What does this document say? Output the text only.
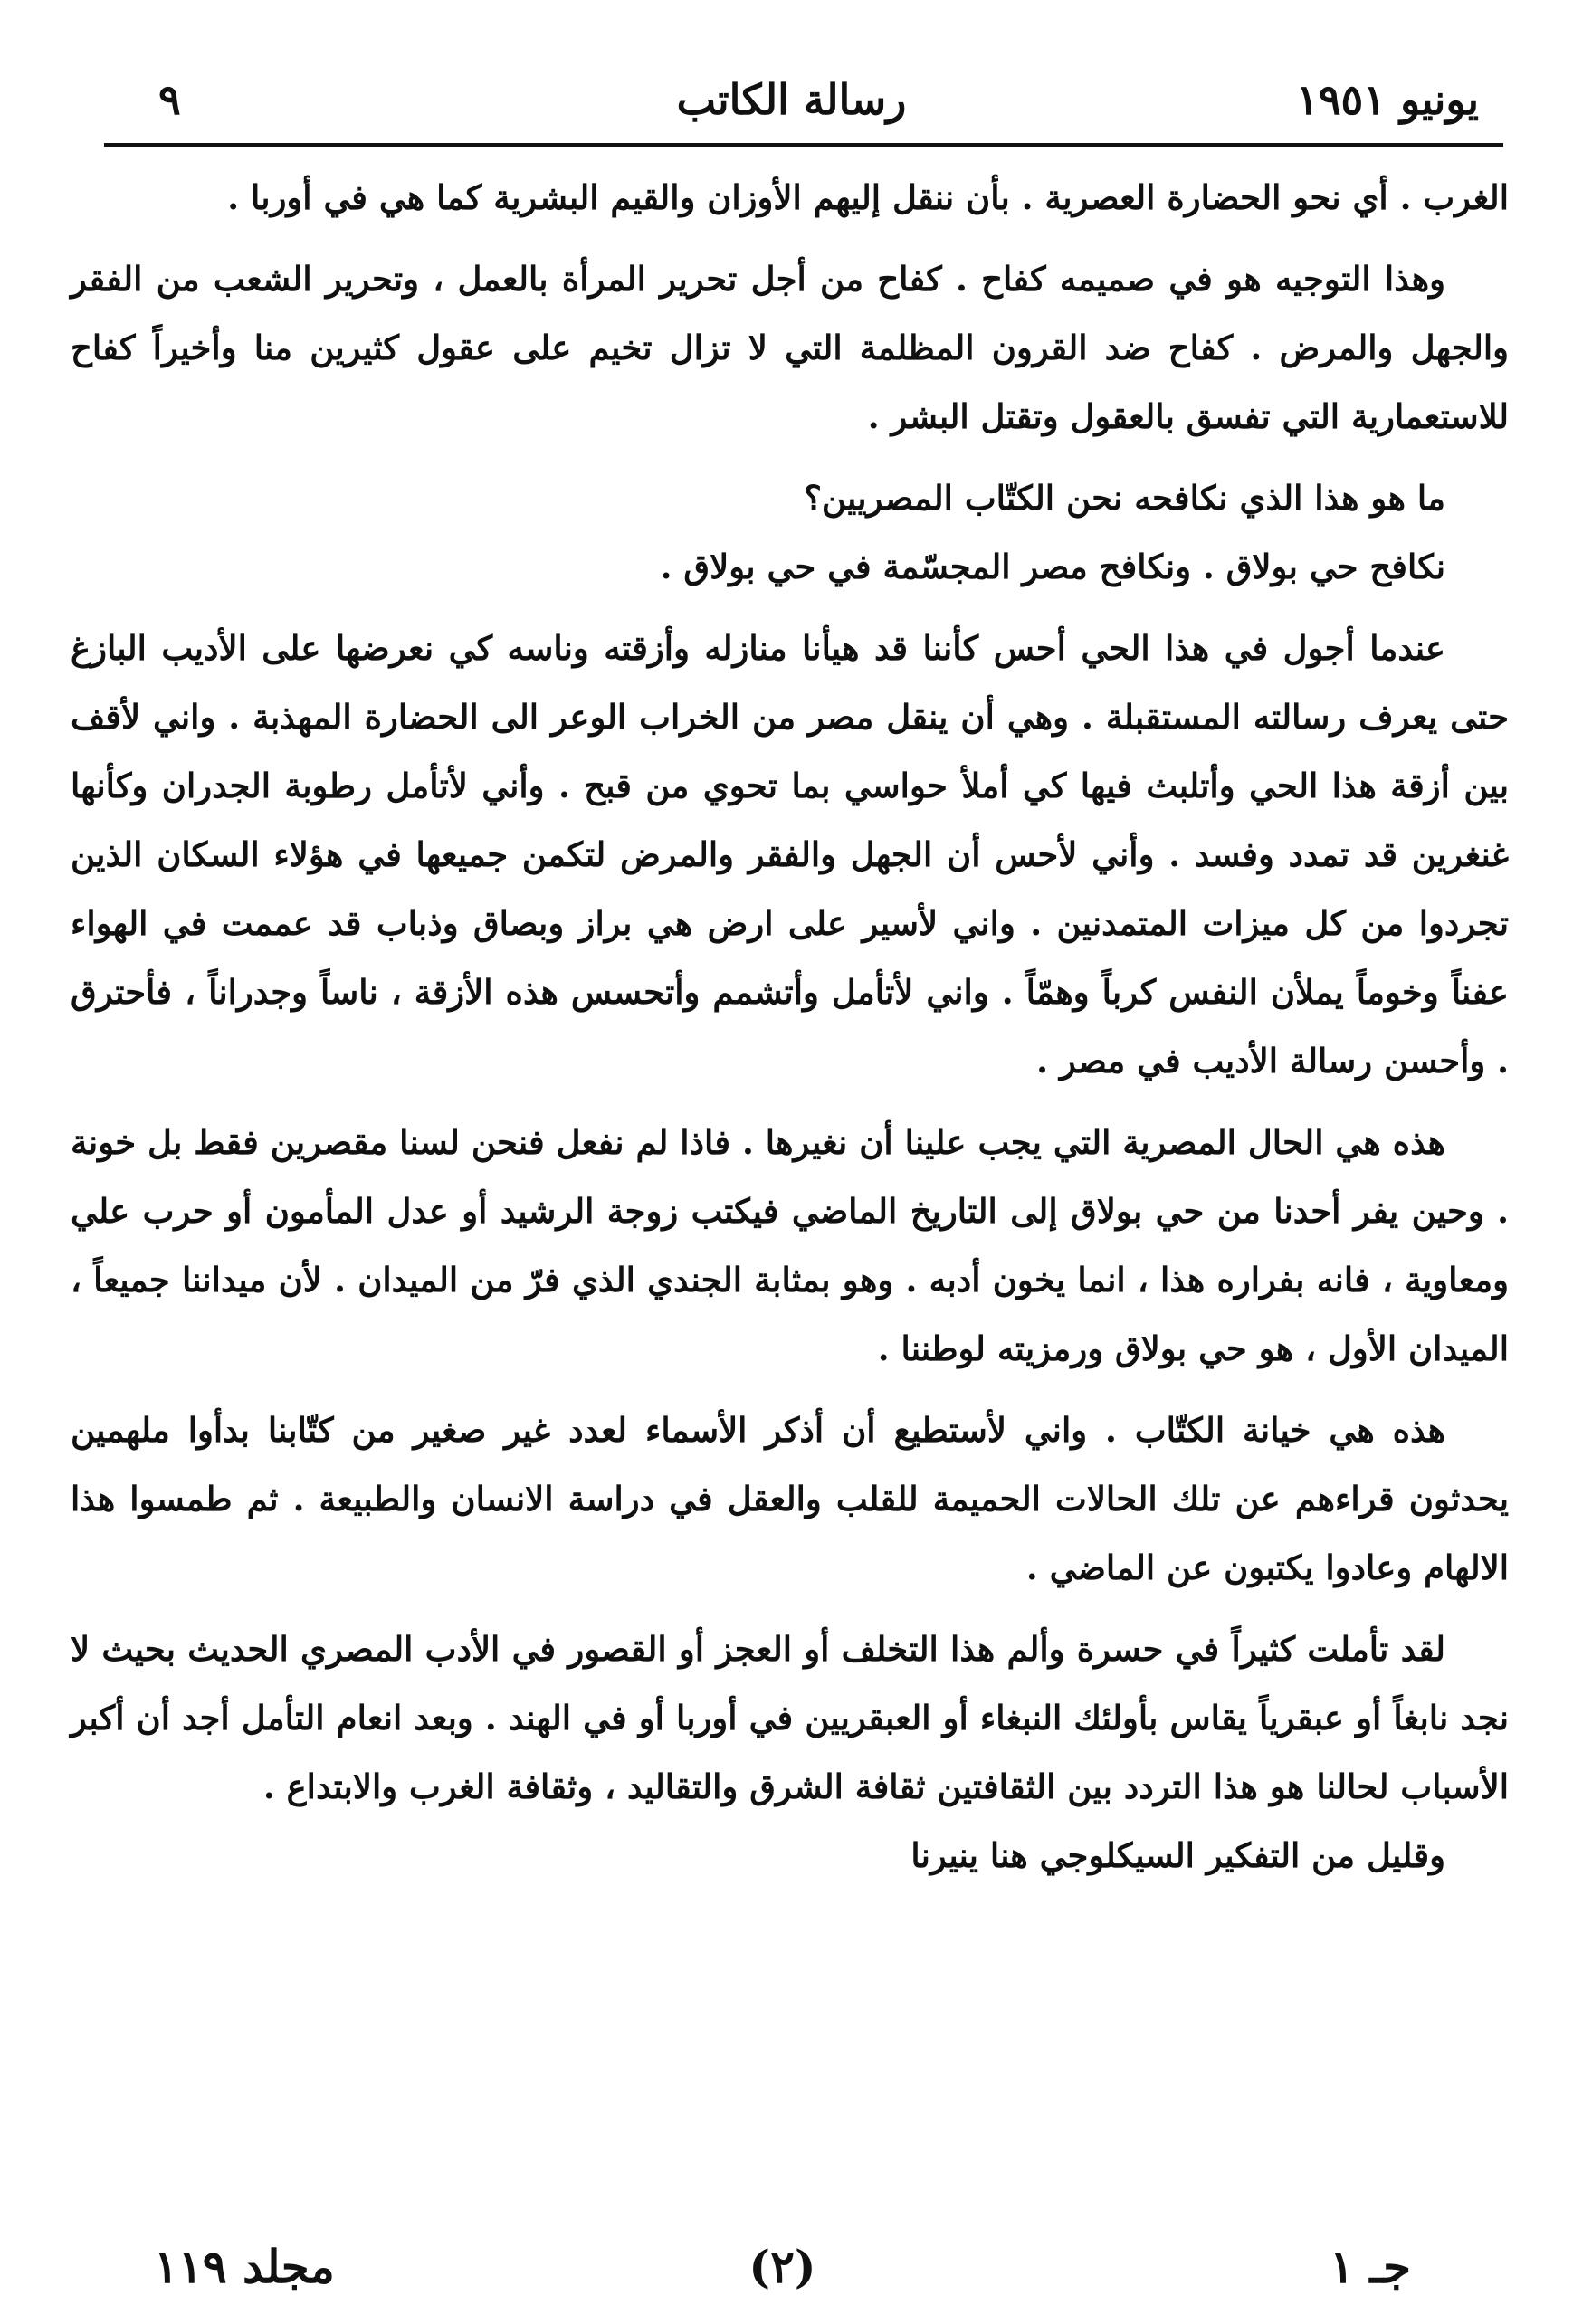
يونيو ١٩٥١
رسالة الكاتب
٩

الغرب . أي نحو الحضارة العصرية . بأن ننقل إليهم الأوزان والقيم البشرية كما هي في أوربا .

وهذا التوجيه هو في صميمه كفاح . كفاح من أجل تحرير المرأة بالعمل ، وتحرير الشعب من الفقر والجهل والمرض . كفاح ضد القرون المظلمة التي لا تزال تخيم على عقول كثيرين منا وأخيراً كفاح للاستعمارية التي تفسق بالعقول وتقتل البشر .

ما هو هذا الذي نكافحه نحن الكتّاب المصريين؟

نكافح حي بولاق . ونكافح مصر المجسّمة في حي بولاق .

عندما أجول في هذا الحي أحس كأننا قد هيأنا منازله وأزقته وناسه كي نعرضها على الأديب البازغ حتى يعرف رسالته المستقبلة . وهي أن ينقل مصر من الخراب الوعر الى الحضارة المهذبة . واني لأقف بين أزقة هذا الحي وأتلبث فيها كي أملأ حواسي بما تحوي من قبح . وأني لأتأمل رطوبة الجدران وكأنها غنغرين قد تمدد وفسد . وأني لأحس أن الجهل والفقر والمرض لتكمن جميعها في هؤلاء السكان الذين تجردوا من كل ميزات المتمدنين . واني لأسير على ارض هي براز وبصاق وذباب قد عممت في الهواء عفناً وخوماً يملأن النفس كرباً وهمّاً . واني لأتأمل وأتشمم وأتحسس هذه الأزقة ، ناساً وجدراناً ، فأحترق . وأحسن رسالة الأديب في مصر .

هذه هي الحال المصرية التي يجب علينا أن نغيرها . فاذا لم نفعل فنحن لسنا مقصرين فقط بل خونة . وحين يفر أحدنا من حي بولاق إلى التاريخ الماضي فيكتب زوجة الرشيد أو عدل المأمون أو حرب علي ومعاوية ، فانه بفراره هذا ، انما يخون أدبه . وهو بمثابة الجندي الذي فرّ من الميدان . لأن ميداننا جميعاً ، الميدان الأول ، هو حي بولاق ورمزيته لوطننا .

هذه هي خيانة الكتّاب . واني لأستطيع أن أذكر الأسماء لعدد غير صغير من كتّابنا بدأوا ملهمين يحدثون قراءهم عن تلك الحالات الحميمة للقلب والعقل في دراسة الانسان والطبيعة . ثم طمسوا هذا الالهام وعادوا يكتبون عن الماضي .

لقد تأملت كثيراً في حسرة وألم هذا التخلف أو العجز أو القصور في الأدب المصري الحديث بحيث لا نجد نابغاً أو عبقرياً يقاس بأولئك النبغاء أو العبقريين في أوربا أو في الهند . وبعد انعام التأمل أجد أن أكبر الأسباب لحالنا هو هذا التردد بين الثقافتين ثقافة الشرق والتقاليد ، وثقافة الغرب والابتداع .

وقليل من التفكير السيكلوجي هنا ينيرنا

جـ ١
(٢)
مجلد ١١٩
